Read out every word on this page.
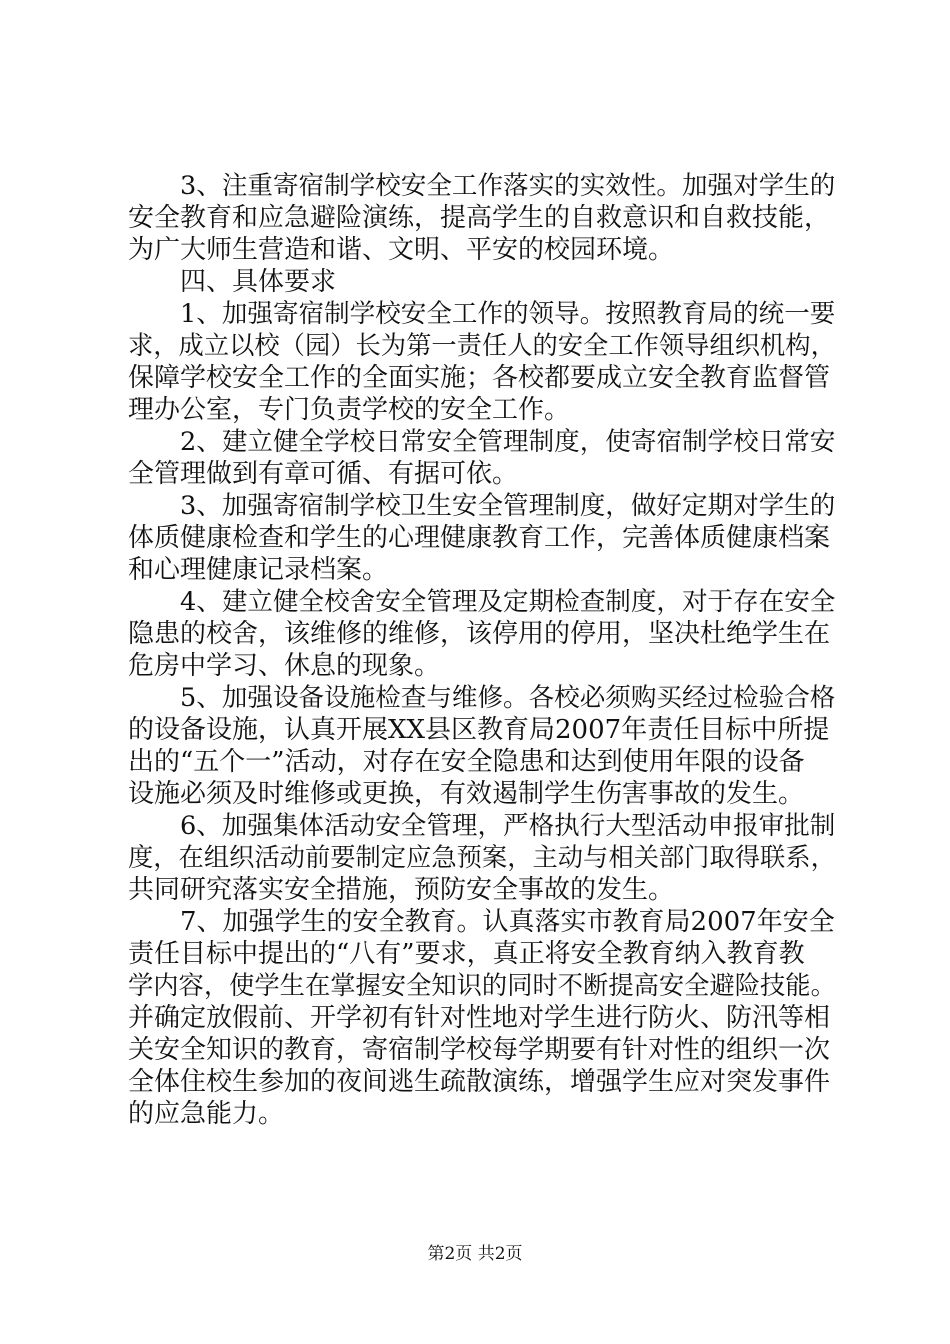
3、注重寄宿制学校安全工作落实的实效性。加强对学生的
安全教育和应急避险演练，提高学生的自救意识和自救技能，
为广大师生营造和谐、文明、平安的校园环境。
四、具体要求
1、加强寄宿制学校安全工作的领导。按照教育局的统一要
求，成立以校（园）长为第一责任人的安全工作领导组织机构，
保障学校安全工作的全面实施；各校都要成立安全教育监督管
理办公室，专门负责学校的安全工作。
2、建立健全学校日常安全管理制度，使寄宿制学校日常安
全管理做到有章可循、有据可依。
3、加强寄宿制学校卫生安全管理制度，做好定期对学生的
体质健康检查和学生的心理健康教育工作，完善体质健康档案
和心理健康记录档案。
4、建立健全校舍安全管理及定期检查制度，对于存在安全
隐患的校舍，该维修的维修，该停用的停用，坚决杜绝学生在
危房中学习、休息的现象。
5、加强设备设施检查与维修。各校必须购买经过检验合格
的设备设施，认真开展XX县区教育局2007年责任目标中所提
出的“五个一”活动，对存在安全隐患和达到使用年限的设备
设施必须及时维修或更换，有效遏制学生伤害事故的发生。
6、加强集体活动安全管理，严格执行大型活动申报审批制
度，在组织活动前要制定应急预案，主动与相关部门取得联系，
共同研究落实安全措施，预防安全事故的发生。
7、加强学生的安全教育。认真落实市教育局2007年安全
责任目标中提出的“八有”要求，真正将安全教育纳入教育教
学内容，使学生在掌握安全知识的同时不断提高安全避险技能。
并确定放假前、开学初有针对性地对学生进行防火、防汛等相
关安全知识的教育，寄宿制学校每学期要有针对性的组织一次
全体住校生参加的夜间逃生疏散演练，增强学生应对突发事件
的应急能力。
第2页 共2页
